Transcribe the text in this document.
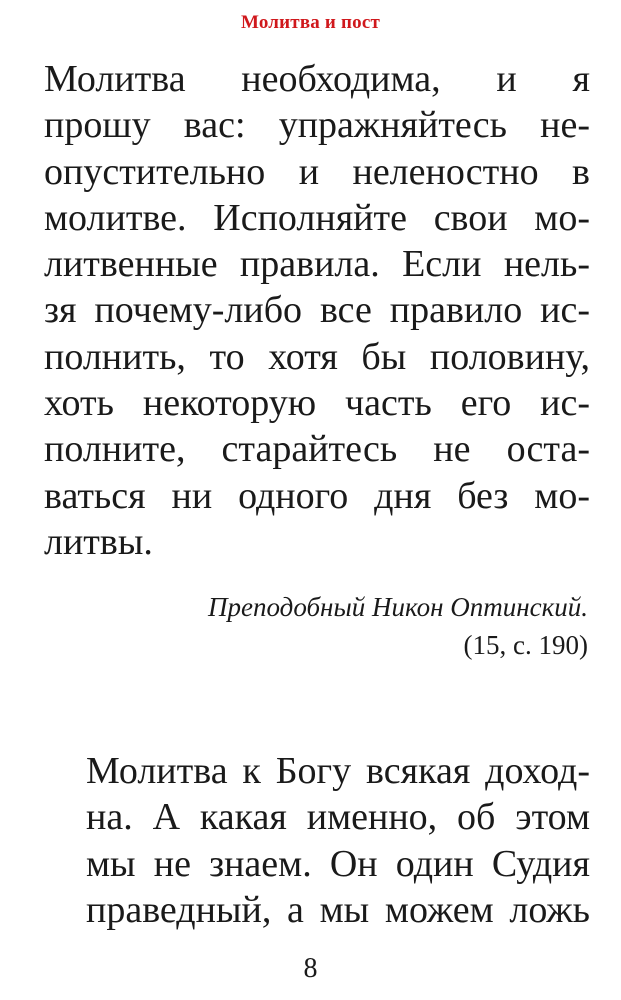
Молитва и пост
Молитва необходима, и я
прошу вас: упражняйтесь не-
опустительно и неленостно в
молитве. Исполняйте свои мо-
литвенные правила. Если нель-
зя почему-либо все правило ис-
полнить, то хотя бы половину,
хоть некоторую часть его ис-
полните, старайтесь не оста-
ваться ни одного дня без мо-
литвы.
Преподобный Никон Оптинский.
(15, с. 190)
Молитва к Богу всякая доход-
на. А какая именно, об этом
мы не знаем. Он один Судия
праведный, а мы можем ложь
8
